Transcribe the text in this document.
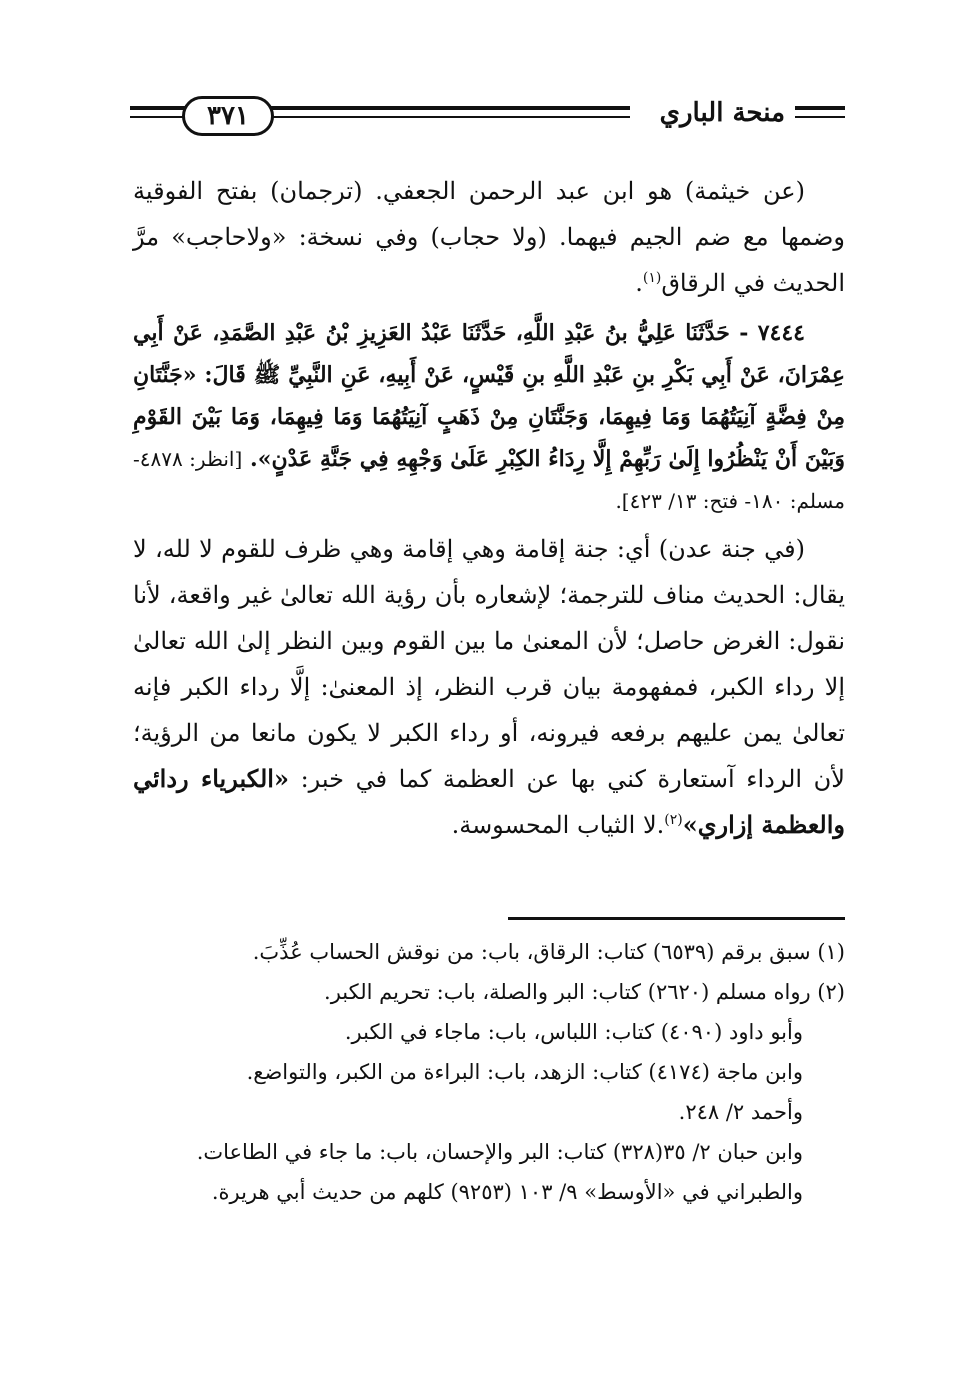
٣٧١	منحة الباري

(عن خيثمة) هو ابن عبد الرحمن الجعفي. (ترجمان) بفتح الفوقية وضمها مع ضم الجيم فيهما. (ولا حجاب) وفي نسخة: «ولاحاجب» مرَّ الحديث في الرقاق$^{(١)}$.

٧٤٤٤ - حَدَّثَنَا عَلِيُّ بنُ عَبْدِ اللَّهِ، حَدَّثَنَا عَبْدُ العَزِيزِ بْنُ عَبْدِ الصَّمَدِ، عَنْ أَبِي عِمْرَانَ، عَنْ أَبِي بَكْرِ بنِ عَبْدِ اللَّهِ بنِ قَيْسٍ، عَنْ أَبِيهِ، عَنِ النَّبِيِّ ﷺ قَالَ: «جَنَّتَانِ مِنْ فِضَّةٍ آنِيَتُهُمَا وَمَا فِيهِمَا، وَجَنَّتَانِ مِنْ ذَهَبٍ آنِيَتُهُمَا وَمَا فِيهِمَا، وَمَا بَيْنَ القَوْمِ وَبَيْنَ أَنْ يَنْظُرُوا إِلَىٰ رَبِّهِمْ إِلَّا رِدَاءُ الكِبْرِ عَلَىٰ وَجْهِهِ فِي جَنَّةِ عَدْنٍ». [انظر: ٤٨٧٨- مسلم: ١٨٠- فتح: ١٣/ ٤٢٣].

(في جنة عدن) أي: جنة إقامة وهي إقامة وهي ظرف للقوم لا لله، لا يقال: الحديث مناف للترجمة؛ لإشعاره بأن رؤية الله تعالىٰ غير واقعة، لأنا نقول: الغرض حاصل؛ لأن المعنىٰ ما بين القوم وبين النظر إلىٰ الله تعالىٰ إلا رداء الكبر، فمفهومة بيان قرب النظر، إذ المعنىٰ: إلَّا رداء الكبر فإنه تعالىٰ يمن عليهم برفعه فيرونه، أو رداء الكبر لا يكون مانعا من الرؤية؛ لأن الرداء آستعارة كني بها عن العظمة كما في خبر: «الكبرياء ردائي والعظمة إزاري»$^{(٢)}$.لا الثياب المحسوسة.

(١) سبق برقم (٦٥٣٩) كتاب: الرقاق، باب: من نوقش الحساب عُذِّبَ.

(٢) رواه مسلم (٢٦٢٠) كتاب: البر والصلة، باب: تحريم الكبر.

وأبو داود (٤٠٩٠) كتاب: اللباس، باب: ماجاء في الكبر.

وابن ماجة (٤١٧٤) كتاب: الزهد، باب: البراءة من الكبر، والتواضع.

وأحمد ٢/ ٢٤٨.

وابن حبان ٢/ ٣٥(٣٢٨) كتاب: البر والإحسان، باب: ما جاء في الطاعات.

والطبراني في «الأوسط» ٩/ ١٠٣ (٩٢٥٣) كلهم من حديث أبي هريرة.
